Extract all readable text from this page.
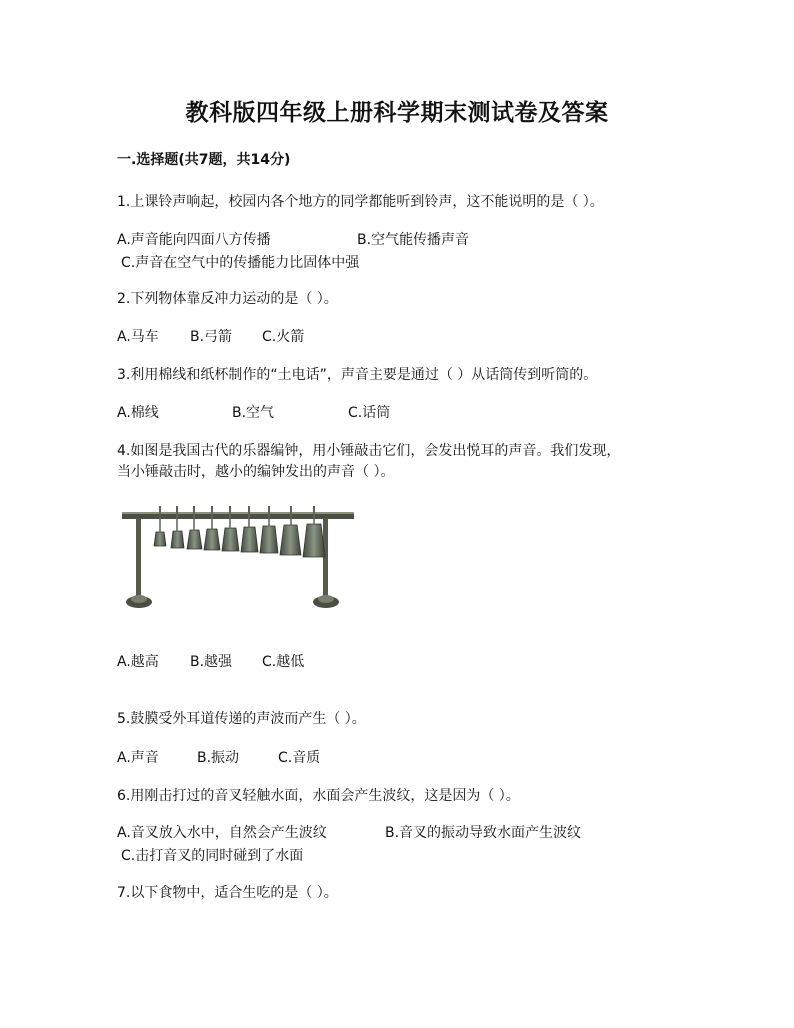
教科版四年级上册科学期末测试卷及答案
一.选择题(共7题，共14分)
1.上课铃声响起，校园内各个地方的同学都能听到铃声，这不能说明的是（ ）。
A.声音能向四面八方传播	B.空气能传播声音
C.声音在空气中的传播能力比固体中强
2.下列物体靠反冲力运动的是（ ）。
A.马车 B.弓箭 C.火箭
3.利用棉线和纸杯制作的“土电话”，声音主要是通过（ ）从话筒传到听筒的。
A.棉线	B.空气	C.话筒
4.如图是我国古代的乐器编钟，用小锤敲击它们，会发出悦耳的声音。我们发现，
当小锤敲击时，越小的编钟发出的声音（ ）。
A.越高 B.越强 C.越低
5.鼓膜受外耳道传递的声波而产生（ ）。
A.声音	B.振动	C.音质
6.用刚击打过的音叉轻触水面，水面会产生波纹，这是因为（ ）。
A.音叉放入水中，自然会产生波纹	B.音叉的振动导致水面产生波纹
C.击打音叉的同时碰到了水面
7.以下食物中，适合生吃的是（ ）。
